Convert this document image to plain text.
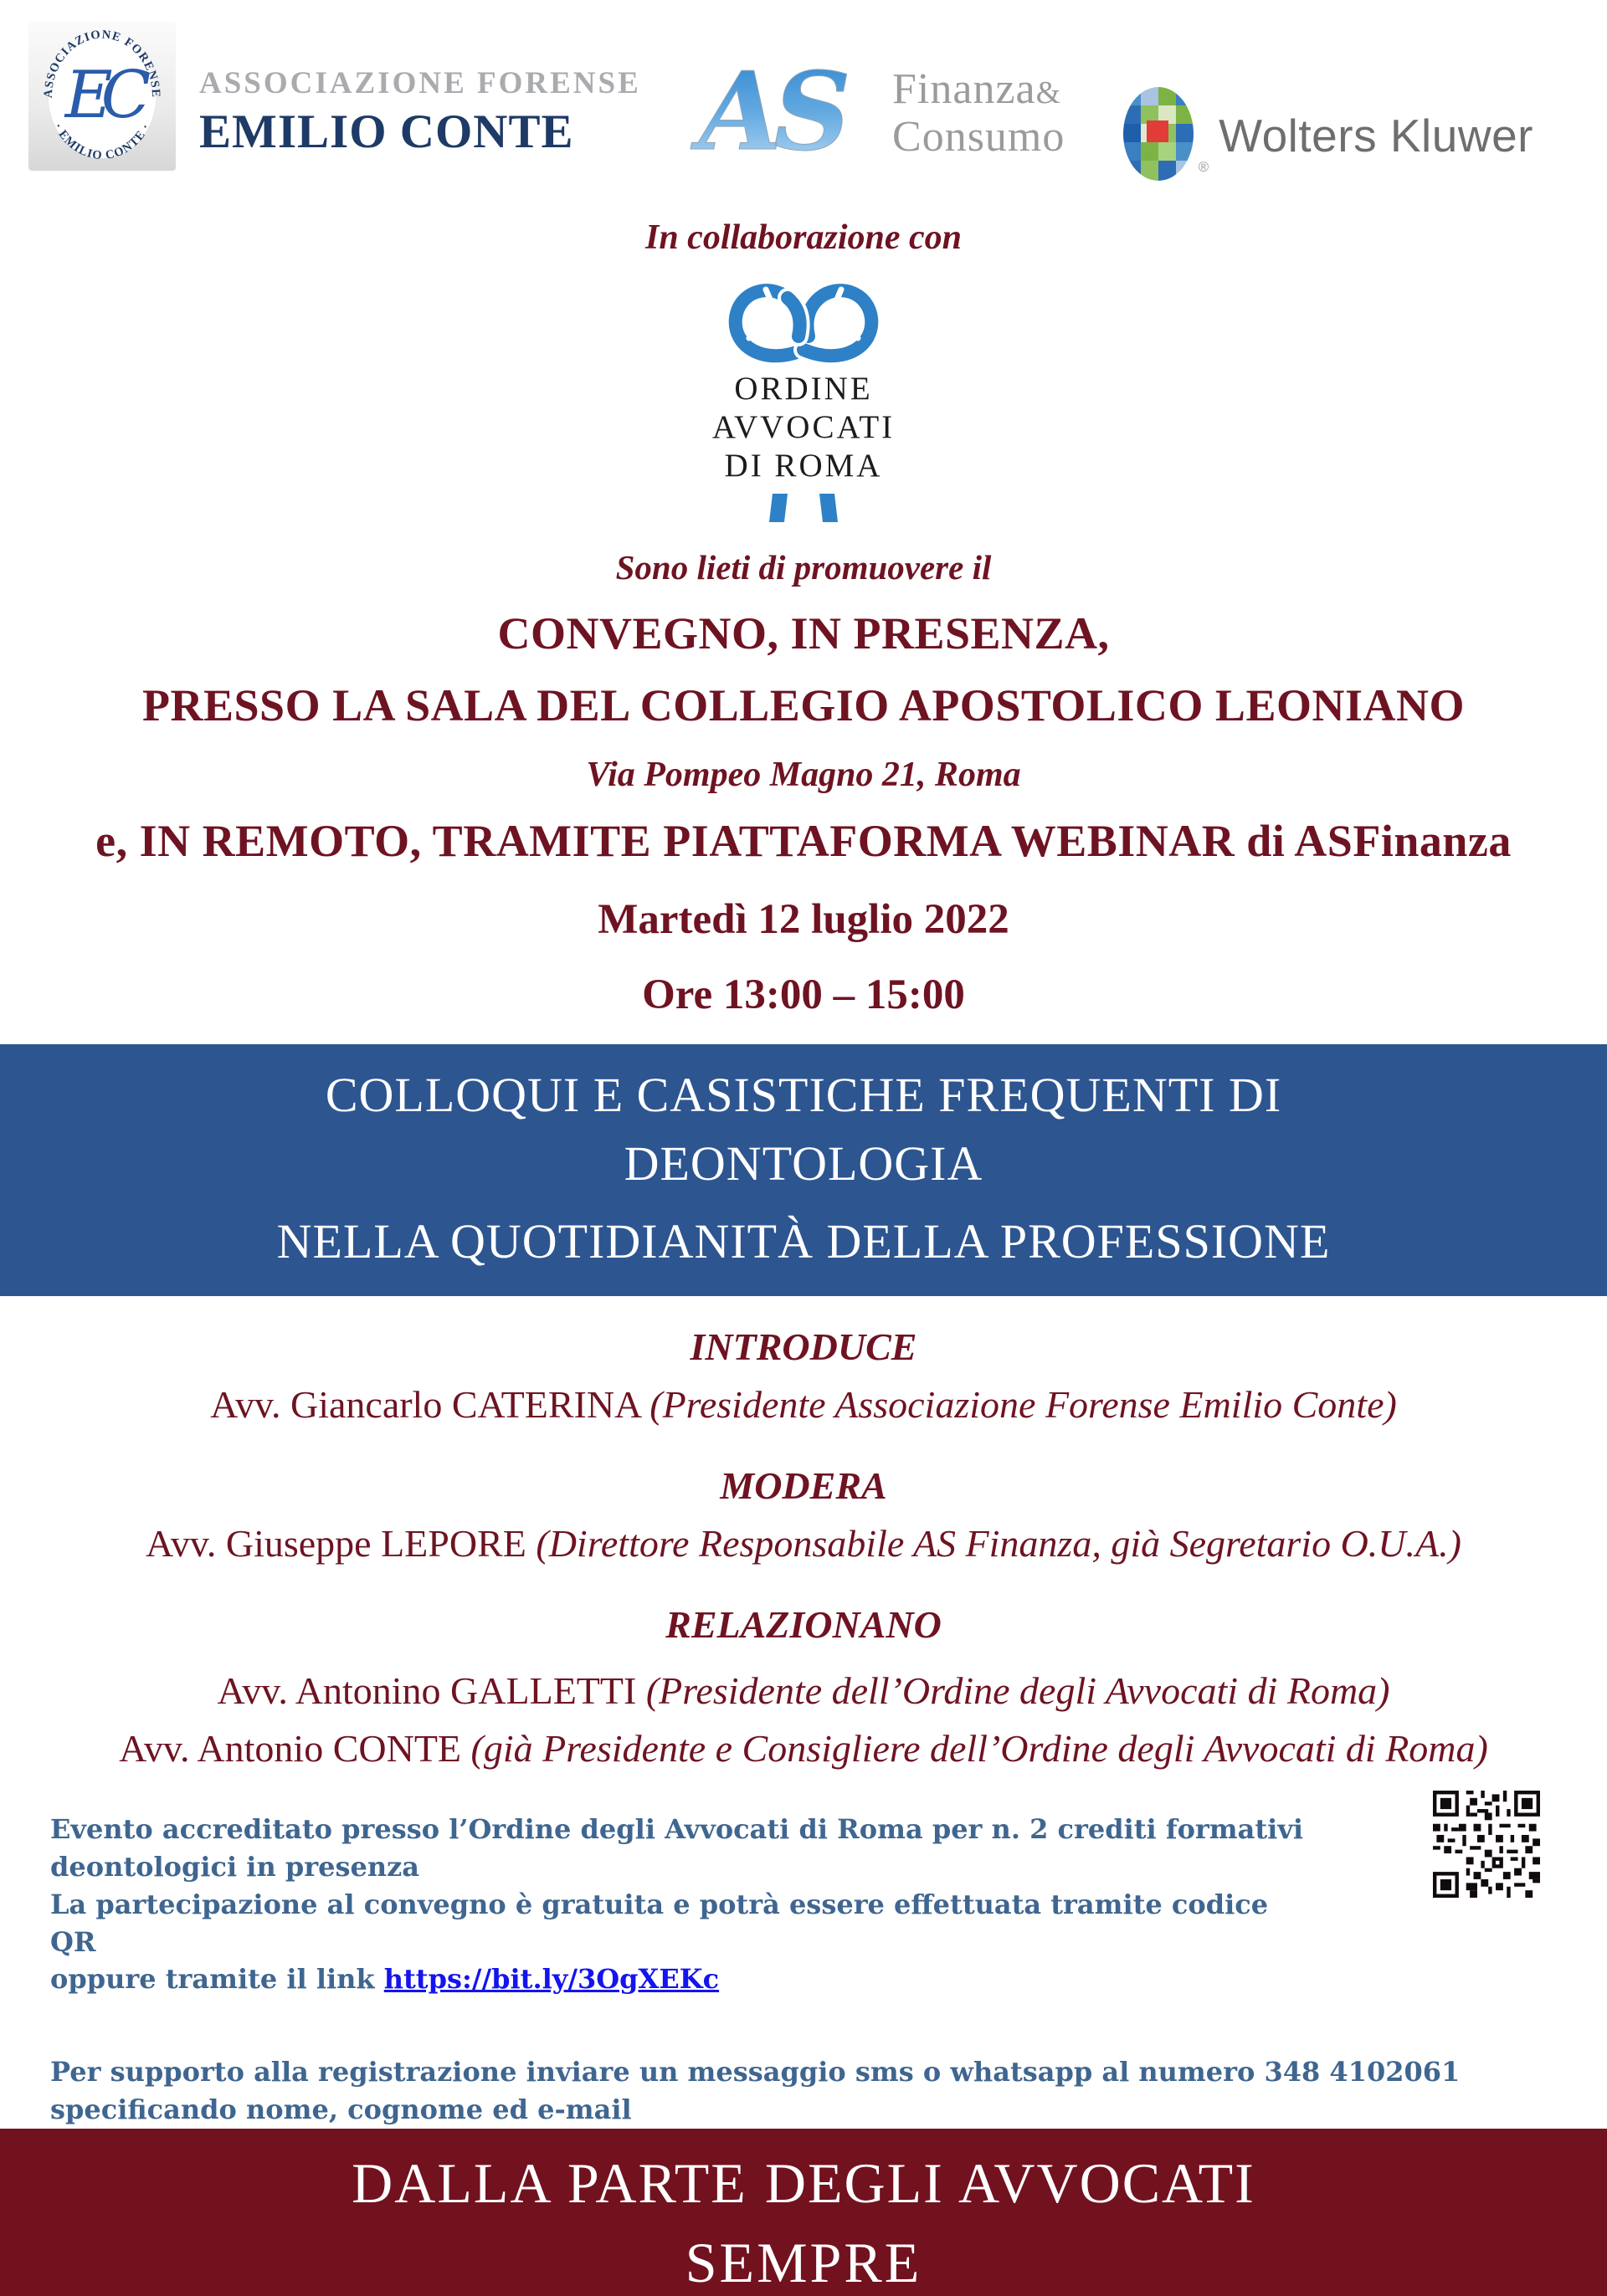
ASSOCIAZIONE FORENSE
· EMILIO CONTE ·
EC	ASSOCIAZIONE FORENSE
EMILIO CONTE	AS Finanza&
Consumo
®
Wolters Kluwer
In collaborazione con
ORDINE
AVVOCATI
DI ROMA
Sono lieti di promuovere il
CONVEGNO, IN PRESENZA,
PRESSO LA SALA DEL COLLEGIO APOSTOLICO LEONIANO
Via Pompeo Magno 21, Roma
e, IN REMOTO, TRAMITE PIATTAFORMA WEBINAR di ASFinanza
Martedì 12 luglio 2022
Ore 13:00 – 15:00

COLLOQUI E CASISTICHE FREQUENTI DI DEONTOLOGIA

NELLA QUOTIDIANITÀ DELLA PROFESSIONE

INTRODUCE
Avv. Giancarlo CATERINA (Presidente Associazione Forense Emilio Conte)
MODERA
Avv. Giuseppe LEPORE (Direttore Responsabile AS Finanza, già Segretario O.U.A.)
RELAZIONANO
Avv. Antonino GALLETTI (Presidente dell’Ordine degli Avvocati di Roma)
Avv. Antonio CONTE (già Presidente e Consigliere dell’Ordine degli Avvocati di Roma)
Evento accreditato presso l’Ordine degli Avvocati di Roma per n. 2 crediti formativi deontologici in presenza
La partecipazione al convegno è gratuita e potrà essere effettuata tramite codice QR
oppure tramite il link https://bit.ly/3OgXEKc
Per supporto alla registrazione inviare un messaggio sms o whatsapp al numero 348 4102061
specificando nome, cognome ed e-mail
DALLA PARTE DEGLI AVVOCATI
SEMPRE
